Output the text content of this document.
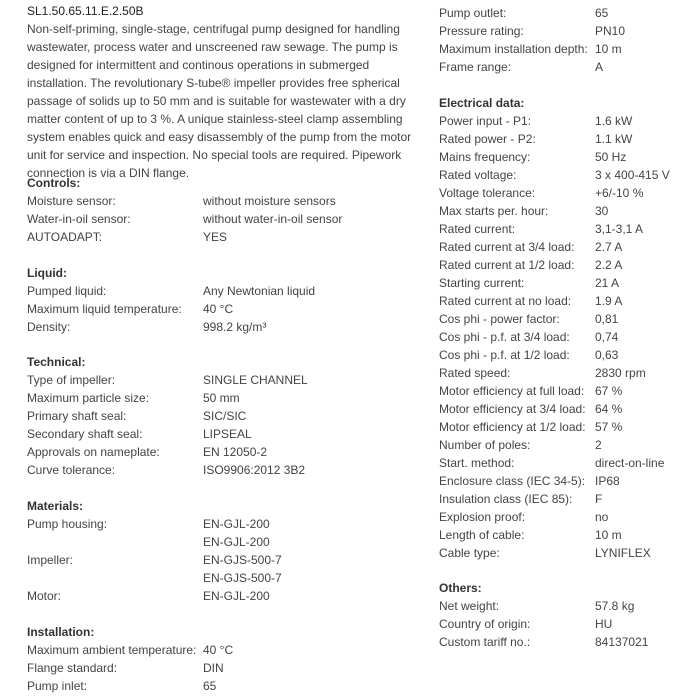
SL1.50.65.11.E.2.50B
Non-self-priming, single-stage, centrifugal pump designed for handling
wastewater, process water and unscreened raw sewage. The pump is
designed for intermittent and continous operations in submerged
installation. The revolutionary S-tube® impeller provides free spherical
passage of solids up to 50 mm and is suitable for wastewater with a dry
matter content of up to 3 %. A unique stainless-steel clamp assembling
system enables quick and easy disassembly of the pump from the motor
unit for service and inspection. No special tools are required. Pipework
connection is via a DIN flange.
Controls:
Moisture sensor:	without moisture sensors
Water-in-oil sensor:	without water-in-oil sensor
AUTOADAPT:	YES
Liquid:
Pumped liquid:	Any Newtonian liquid
Maximum liquid temperature: 40 °C
Density:	998.2 kg/m³
Technical:
Type of impeller:	SINGLE CHANNEL
Maximum particle size:	50 mm
Primary shaft seal:	SIC/SIC
Secondary shaft seal:	LIPSEAL
Approvals on nameplate:	EN 12050-2
Curve tolerance:	ISO9906:2012 3B2
Materials:
Pump housing:	EN-GJL-200
EN-GJL-200
Impeller:	EN-GJS-500-7
EN-GJS-500-7
Motor:	EN-GJL-200
Installation:
Maximum ambient temperature: 40 °C
Flange standard:	DIN
Pump inlet:	65
Pump outlet:	65
Pressure rating:	PN10
Maximum installation depth: 10 m
Frame range:	A
Electrical data:
Power input - P1:	1.6 kW
Rated power - P2:	1.1 kW
Mains frequency:	50 Hz
Rated voltage:	3 x 400-415 V
Voltage tolerance:	+6/-10 %
Max starts per. hour:	30
Rated current:	3,1-3,1 A
Rated current at 3/4 load: 2.7 A
Rated current at 1/2 load: 2.2 A
Starting current:	21 A
Rated current at no load: 1.9 A
Cos phi - power factor:	0,81
Cos phi - p.f. at 3/4 load: 0,74
Cos phi - p.f. at 1/2 load: 0,63
Rated speed:	2830 rpm
Motor efficiency at full load: 67 %
Motor efficiency at 3/4 load: 64 %
Motor efficiency at 1/2 load: 57 %
Number of poles:	2
Start. method:	direct-on-line
Enclosure class (IEC 34-5): IP68
Insulation class (IEC 85): F
Explosion proof:	no
Length of cable:	10 m
Cable type:	LYNIFLEX
Others:
Net weight:	57.8 kg
Country of origin:	HU
Custom tariff no.:	84137021
